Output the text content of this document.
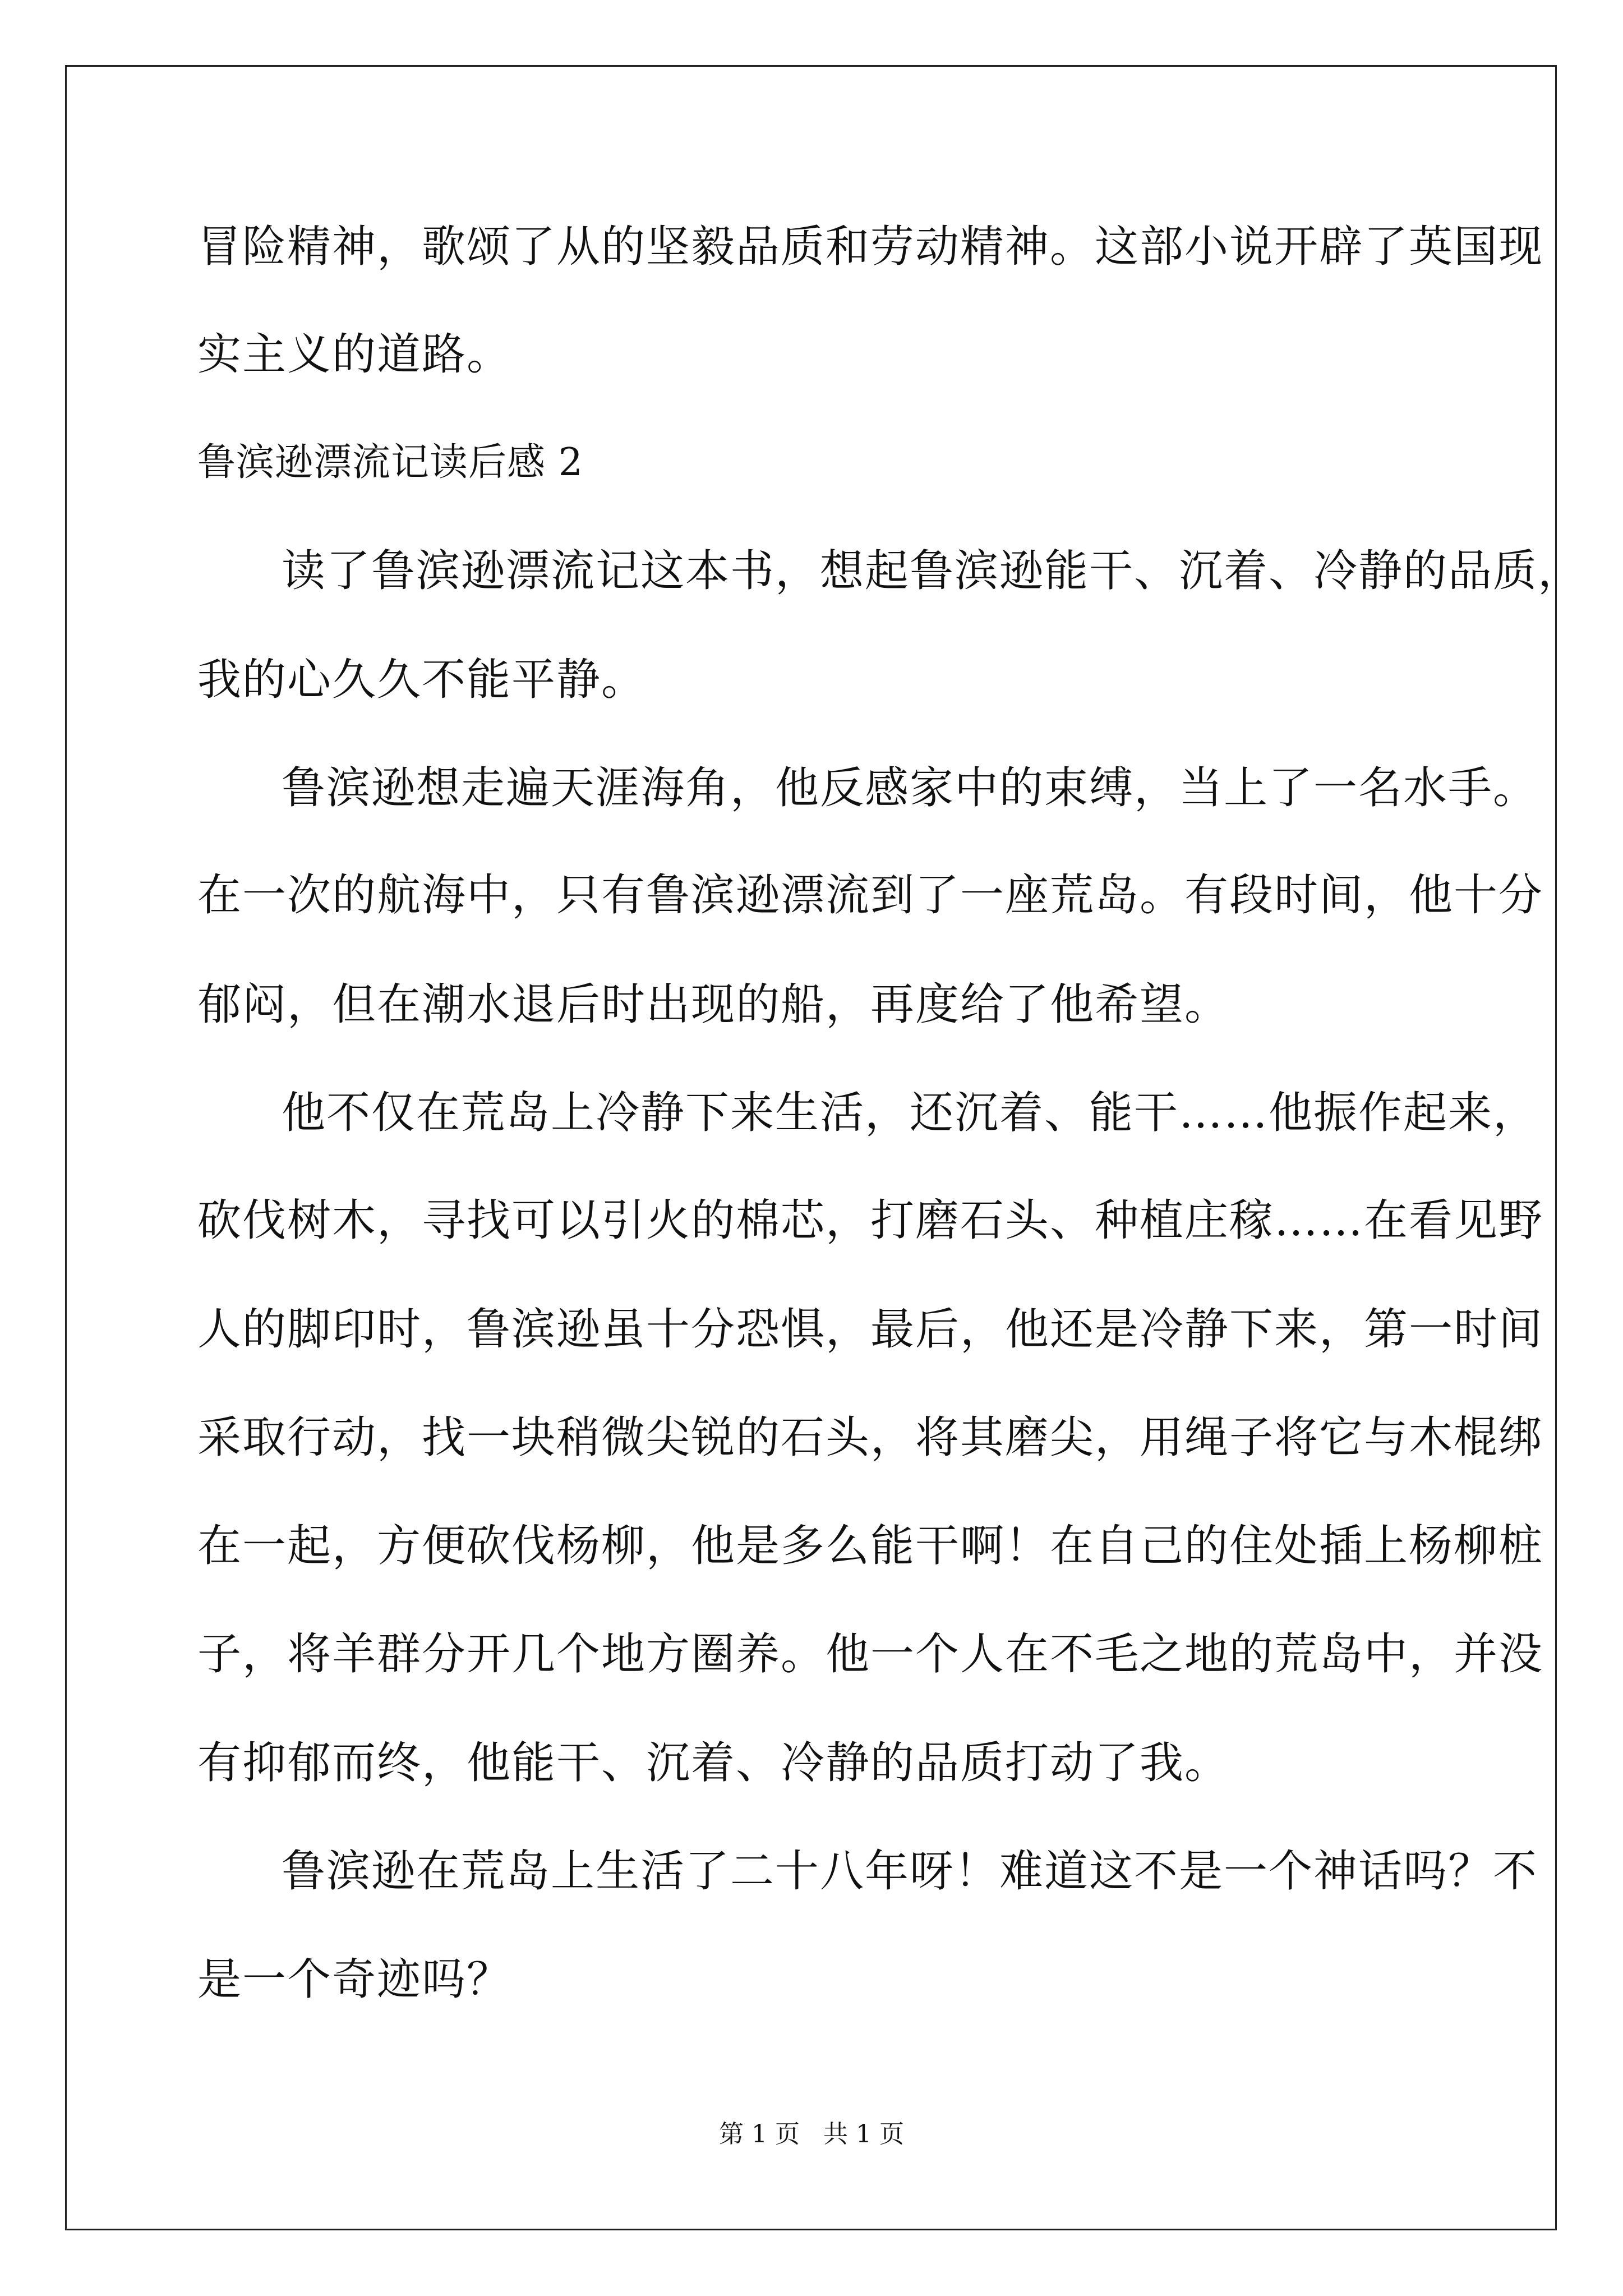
冒险精神，歌颂了从的坚毅品质和劳动精神。这部小说开辟了英国现
实主义的道路。
鲁滨逊漂流记读后感 2
读了鲁滨逊漂流记这本书，想起鲁滨逊能干、沉着、冷静的品质，
我的心久久不能平静。
鲁滨逊想走遍天涯海角，他反感家中的束缚，当上了一名水手。
在一次的航海中，只有鲁滨逊漂流到了一座荒岛。有段时间，他十分
郁闷，但在潮水退后时出现的船，再度给了他希望。
他不仅在荒岛上冷静下来生活，还沉着、能干……他振作起来，
砍伐树木，寻找可以引火的棉芯，打磨石头、种植庄稼……在看见野
人的脚印时，鲁滨逊虽十分恐惧，最后，他还是冷静下来，第一时间
采取行动，找一块稍微尖锐的石头，将其磨尖，用绳子将它与木棍绑
在一起，方便砍伐杨柳，他是多么能干啊！在自己的住处插上杨柳桩
子，将羊群分开几个地方圈养。他一个人在不毛之地的荒岛中，并没
有抑郁而终，他能干、沉着、冷静的品质打动了我。
鲁滨逊在荒岛上生活了二十八年呀！难道这不是一个神话吗？不
是一个奇迹吗？
第 1 页   共 1 页
